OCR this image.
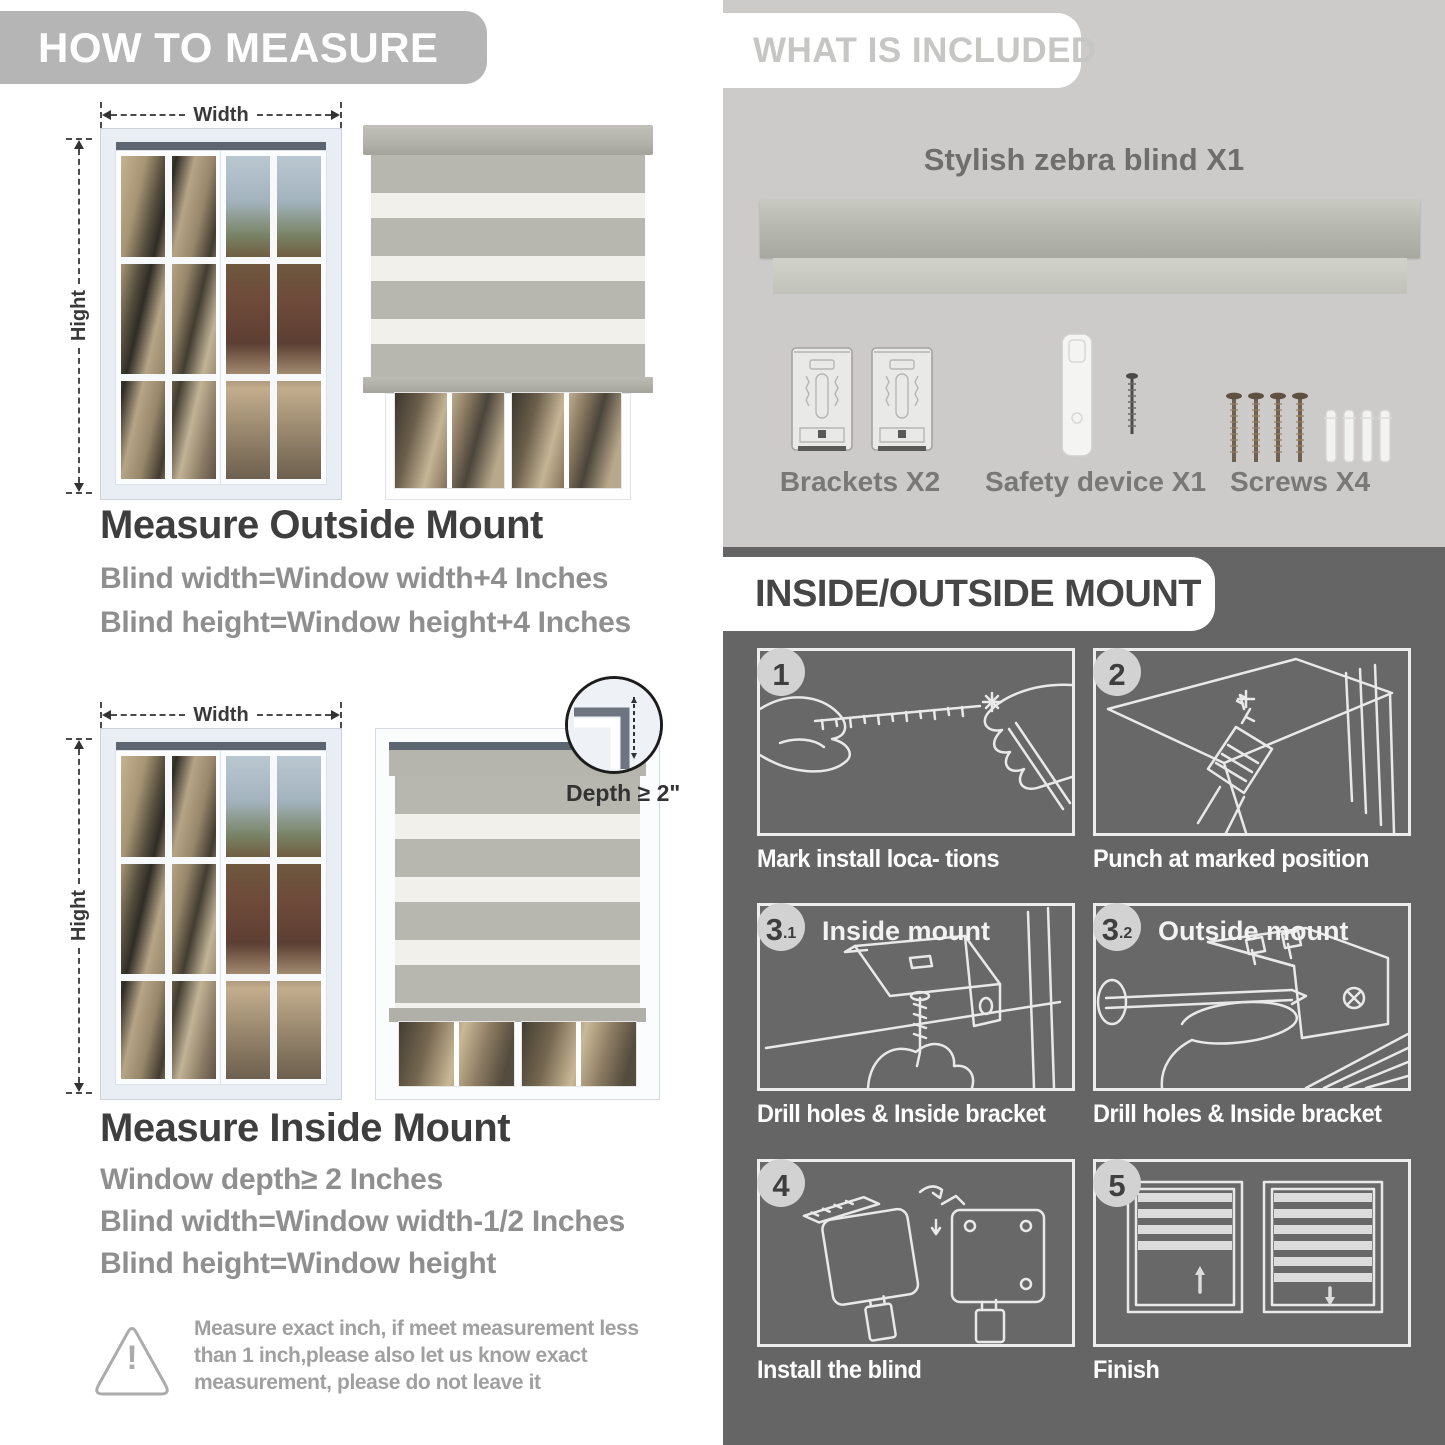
HOW TO MEASURE
Width
Hight
Measure Outside Mount
Blind width=Window width+4 Inches
Blind height=Window height+4 Inches
Width
Hight
Depth ≥ 2"
Measure Inside Mount
Window depth≥ 2 Inches
Blind width=Window width-1/2 Inches
Blind height=Window height
!
Measure exact inch, if meet measurement less than 1 inch,please also let us know exact measurement, please do not leave it
WHAT IS INCLUDED
Stylish zebra blind X1
Brackets X2	Safety device X1 Screws X4
INSIDE/OUTSIDE MOUNT
1
Mark install loca- tions
2
Punch at marked position
3 .1 Inside mount
Drill holes & Inside bracket
3 .2 Outside mount
Drill holes & Inside bracket
4
Install the blind
5
Finish
